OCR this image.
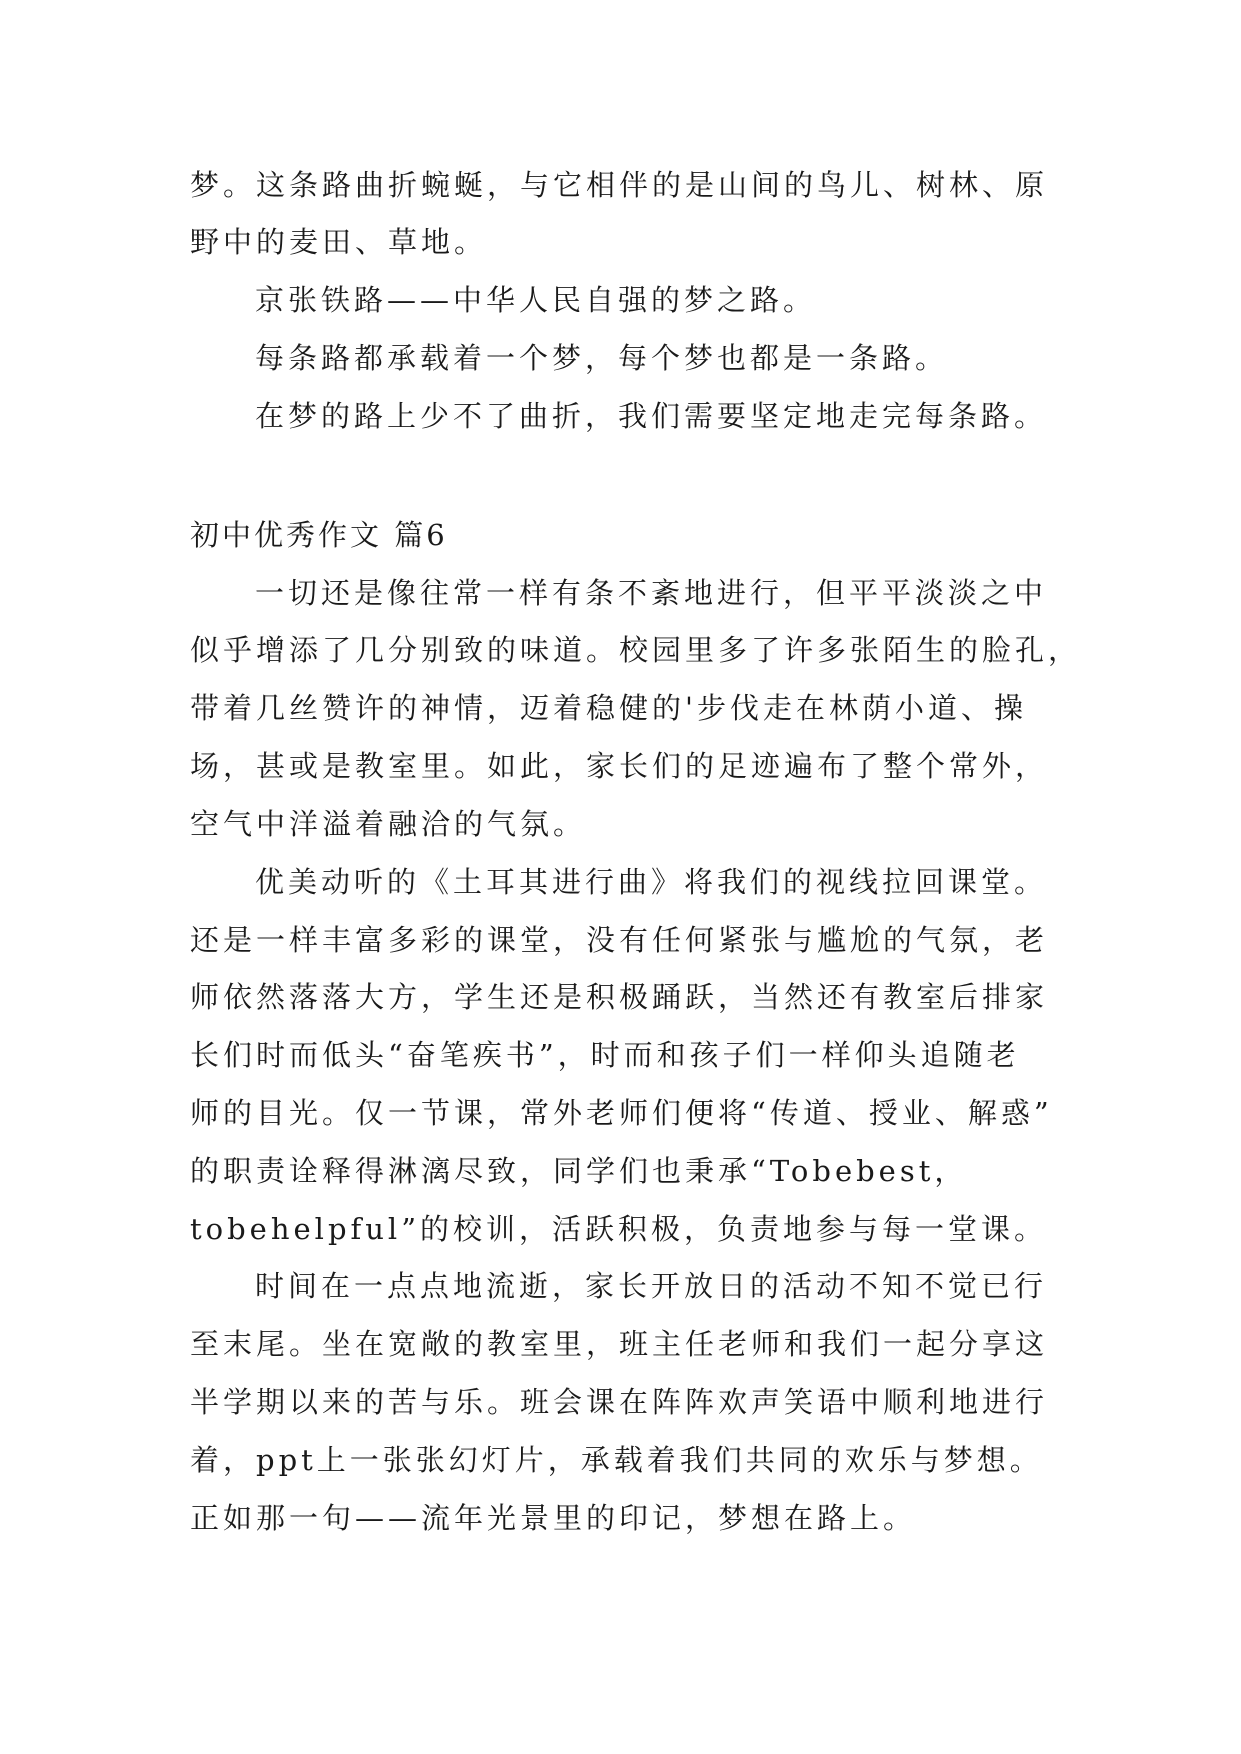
梦。这条路曲折蜿蜒，与它相伴的是山间的鸟儿、树林、原
野中的麦田、草地。
京张铁路——中华人民自强的梦之路。
每条路都承载着一个梦，每个梦也都是一条路。
在梦的路上少不了曲折，我们需要坚定地走完每条路。
初中优秀作文 篇6
一切还是像往常一样有条不紊地进行，但平平淡淡之中
似乎增添了几分别致的味道。校园里多了许多张陌生的脸孔，
带着几丝赞许的神情，迈着稳健的'步伐走在林荫小道、操
场，甚或是教室里。如此，家长们的足迹遍布了整个常外，
空气中洋溢着融洽的气氛。
优美动听的《土耳其进行曲》将我们的视线拉回课堂。
还是一样丰富多彩的课堂，没有任何紧张与尴尬的气氛，老
师依然落落大方，学生还是积极踊跃，当然还有教室后排家
长们时而低头“奋笔疾书”，时而和孩子们一样仰头追随老
师的目光。仅一节课，常外老师们便将“传道、授业、解惑”
的职责诠释得淋漓尽致，同学们也秉承“Tobebest，
tobehelpful”的校训，活跃积极，负责地参与每一堂课。
时间在一点点地流逝，家长开放日的活动不知不觉已行
至末尾。坐在宽敞的教室里，班主任老师和我们一起分享这
半学期以来的苦与乐。班会课在阵阵欢声笑语中顺利地进行
着，ppt上一张张幻灯片，承载着我们共同的欢乐与梦想。
正如那一句——流年光景里的印记，梦想在路上。
